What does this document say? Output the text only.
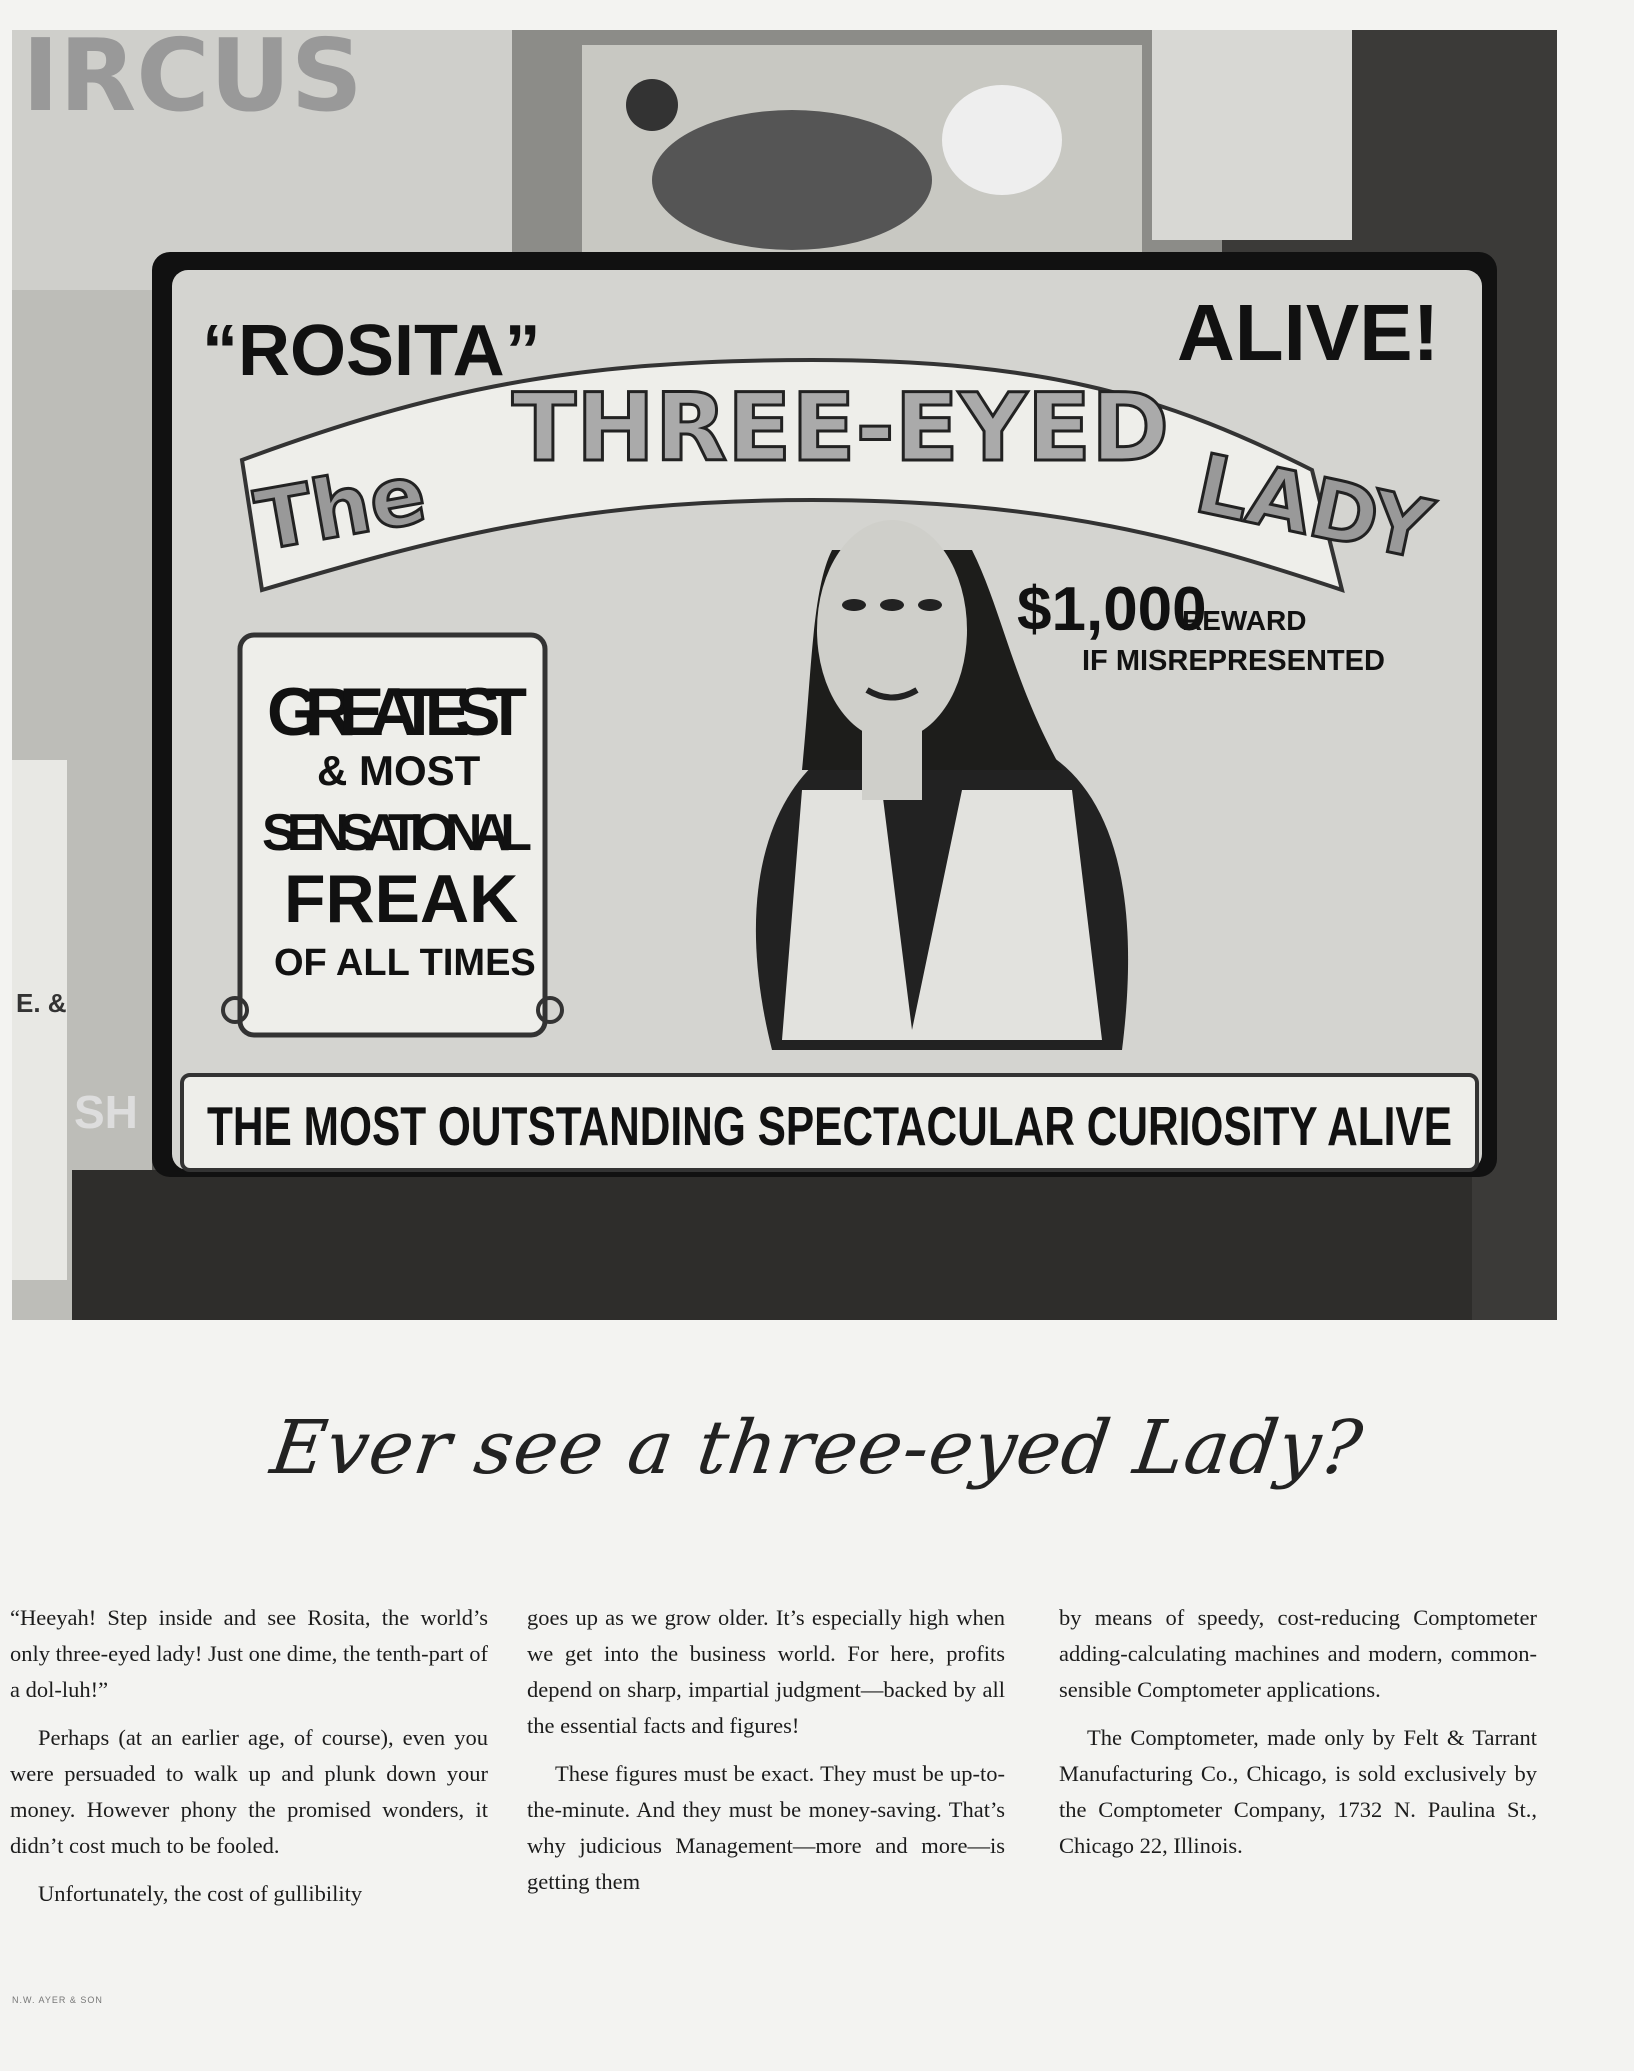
IRCUS
SH
E. &
The
THREE-EYED
LADY
“ROSITA”	ALIVE!
$1,000
REWARD
IF MISREPRESENTED
GREATEST
& MOST
SENSATIONAL
FREAK
OF ALL TIMES
THE MOST OUTSTANDING SPECTACULAR CURIOSITY ALIVE
Ever see a three-eyed Lady?

“Heeyah! Step inside and see Rosita, the world’s only three-eyed lady! Just one dime, the tenth-part of a dol-luh!”

Perhaps (at an earlier age, of course), even you were persuaded to walk up and plunk down your money. However phony the promised wonders, it didn’t cost much to be fooled.

Unfortunately, the cost of gullibility

goes up as we grow older. It’s especially high when we get into the business world. For here, profits depend on sharp, impartial judgment—backed by all the essential facts and figures!

These figures must be exact. They must be up-to-the-minute. And they must be money-saving. That’s why judicious Management—more and more—is getting them

by means of speedy, cost-reducing Comptometer adding-calculating machines and modern, common-sensible Comptometer applications.

The Comptometer, made only by Felt & Tarrant Manufacturing Co., Chicago, is sold exclusively by the Comptometer Company, 1732 N. Paulina St., Chicago 22, Illinois.

N.W. AYER & SON
